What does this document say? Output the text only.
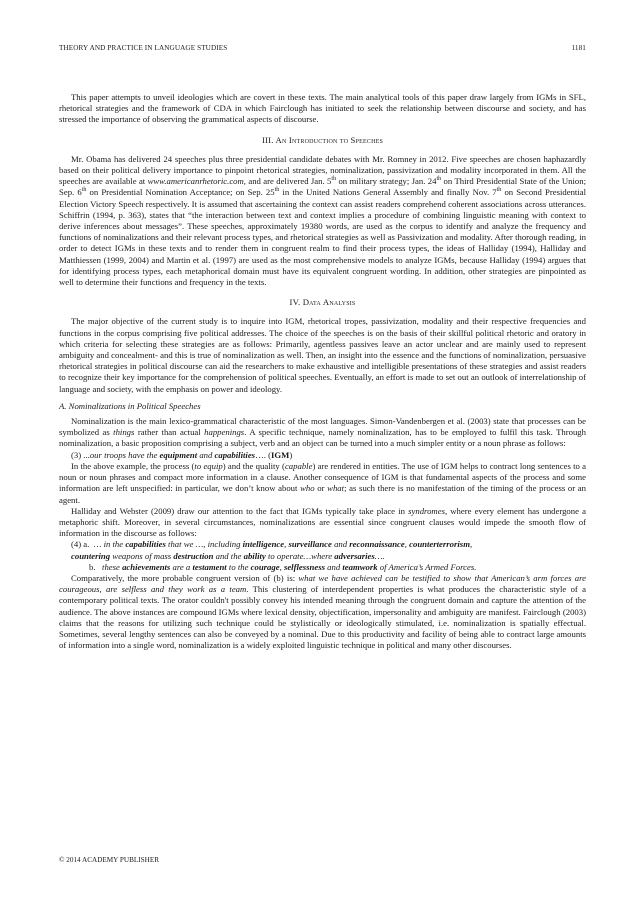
THEORY AND PRACTICE IN LANGUAGE STUDIES	1181

This paper attempts to unveil ideologies which are covert in these texts. The main analytical tools of this paper draw largely from IGMs in SFL, rhetorical strategies and the framework of CDA in which Fairclough has initiated to seek the relationship between discourse and society, and has stressed the importance of observing the grammatical aspects of discourse.

III. An Introduction to Speeches

Mr. Obama has delivered 24 speeches plus three presidential candidate debates with Mr. Romney in 2012. Five speeches are chosen haphazardly based on their political delivery importance to pinpoint rhetorical strategies, nominalization, passivization and modality incorporated in them. All the speeches are available at www.americanrhetoric.com, and are delivered Jan. 5th on military strategy; Jan. 24th on Third Presidential State of the Union; Sep. 6th on Presidential Nomination Acceptance; on Sep. 25th in the United Nations General Assembly and finally Nov. 7th on Second Presidential Election Victory Speech respectively. It is assumed that ascertaining the context can assist readers comprehend coherent associations across utterances. Schiffrin (1994, p. 363), states that “the interaction between text and context implies a procedure of combining linguistic meaning with context to derive inferences about messages”. These speeches, approximately 19380 words, are used as the corpus to identify and analyze the frequency and functions of nominalizations and their relevant process types, and rhetorical strategies as well as Passivization and modality. After thorough reading, in order to detect IGMs in these texts and to render them in congruent realm to find their process types, the ideas of Halliday (1994), Halliday and Matthiessen (1999, 2004) and Martin et al. (1997) are used as the most comprehensive models to analyze IGMs, because Halliday (1994) argues that for identifying process types, each metaphorical domain must have its equivalent congruent wording. In addition, other strategies are pinpointed as well to determine their functions and frequency in the texts.

IV. Data Analysis

The major objective of the current study is to inquire into IGM, rhetorical tropes, passivization, modality and their respective frequencies and functions in the corpus comprising five political addresses. The choice of the speeches is on the basis of their skillful political rhetoric and oratory in which criteria for selecting these strategies are as follows: Primarily, agentless passives leave an actor unclear and are mainly used to represent ambiguity and concealment- and this is true of nominalization as well. Then, an insight into the essence and the functions of nominalization, persuasive rhetorical strategies in political discourse can aid the researchers to make exhaustive and intelligible presentations of these strategies and assist readers to recognize their key importance for the comprehension of political speeches. Eventually, an effort is made to set out an outlook of interrelationship of language and society, with the emphasis on power and ideology.

A. Nominalizations in Political Speeches

Nominalization is the main lexico-grammatical characteristic of the most languages. Simon-Vandenbergen et al. (2003) state that processes can be symbolized as things rather than actual happenings. A specific technique, namely nominalization, has to be employed to fulfil this task. Through nominalization, a basic proposition comprising a subject, verb and an object can be turned into a much simpler entity or a noun phrase as follows:

(3) ...our troops have the equipment and capabilities…. (IGM)

In the above example, the process (to equip) and the quality (capable) are rendered in entities. The use of IGM helps to contract long sentences to a noun or noun phrases and compact more information in a clause. Another consequence of IGM is that fundamental aspects of the process and some information are left unspecified: in particular, we don’t know about who or what; as such there is no manifestation of the timing of the process or an agent.

Halliday and Webster (2009) draw our attention to the fact that IGMs typically take place in syndromes, where every element has undergone a metaphoric shift. Moreover, in several circumstances, nominalizations are essential since congruent clauses would impede the smooth flow of information in the discourse as follows:

(4) a. … in the capabilities that we …, including intelligence, surveillance and reconnaissance, counterterrorism,
countering weapons of mass destruction and the ability to operate…where adversaries….
b. these achievements are a testament to the courage, selflessness and teamwork of America’s Armed Forces.

Comparatively, the more probable congruent version of (b) is: what we have achieved can be testified to show that American’s arm forces are courageous, are selfless and they work as a team. This clustering of interdependent properties is what produces the characteristic style of a contemporary political texts. The orator couldn't possibly convey his intended meaning through the congruent domain and capture the attention of the audience. The above instances are compound IGMs where lexical density, objectification, impersonality and ambiguity are manifest. Fairclough (2003) claims that the reasons for utilizing such technique could be stylistically or ideologically stimulated, i.e. nominalization is spatially effectual. Sometimes, several lengthy sentences can also be conveyed by a nominal. Due to this productivity and facility of being able to contract large amounts of information into a single word, nominalization is a widely exploited linguistic technique in political and many other discourses.

© 2014 ACADEMY PUBLISHER
